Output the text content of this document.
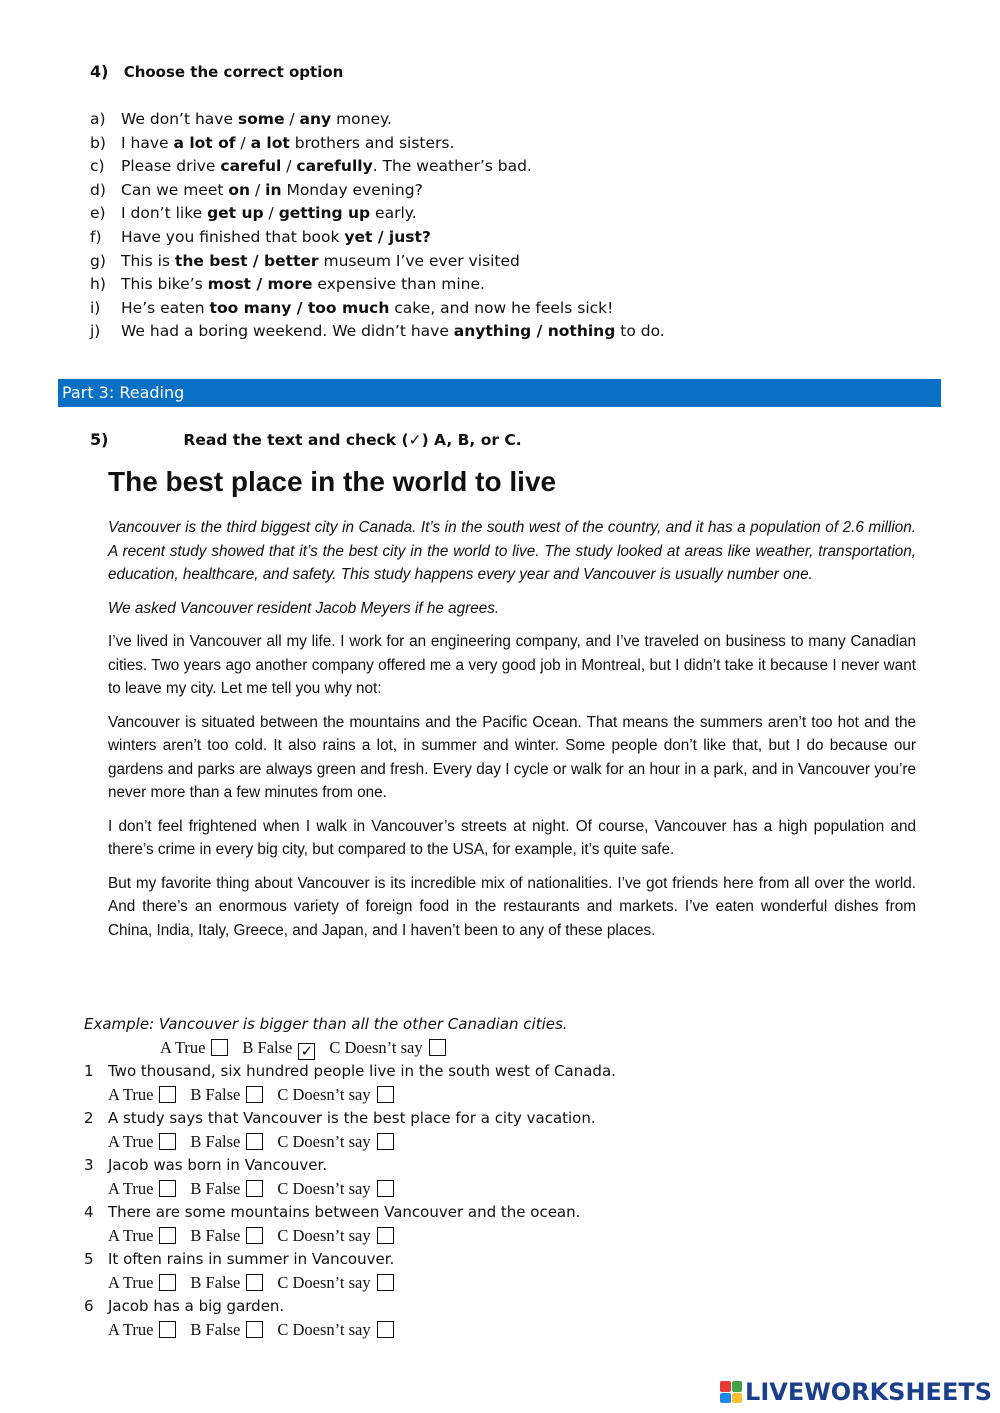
4) Choose the correct option
a) We don’t have some / any money.
b) I have a lot of / a lot brothers and sisters.
c) Please drive careful / carefully. The weather’s bad.
d) Can we meet on / in Monday evening?
e) I don’t like get up / getting up early.
f) Have you finished that book yet / just?
g) This is the best / better museum I’ve ever visited
h) This bike’s most / more expensive than mine.
i) He’s eaten too many / too much cake, and now he feels sick!
j) We had a boring weekend. We didn’t have anything / nothing to do.
Part 3: Reading
5)	Read the text and check (✓) A, B, or C.
The best place in the world to live

Vancouver is the third biggest city in Canada. It’s in the south west of the country, and it has a population of 2.6 million. A recent study showed that it’s the best city in the world to live. The study looked at areas like weather, transportation, education, healthcare, and safety. This study happens every year and Vancouver is usually number one.

We asked Vancouver resident Jacob Meyers if he agrees.

I’ve lived in Vancouver all my life. I work for an engineering company, and I’ve traveled on business to many Canadian cities. Two years ago another company offered me a very good job in Montreal, but I didn’t take it because I never want to leave my city. Let me tell you why not:

Vancouver is situated between the mountains and the Pacific Ocean. That means the summers aren’t too hot and the winters aren’t too cold. It also rains a lot, in summer and winter. Some people don’t like that, but I do because our gardens and parks are always green and fresh. Every day I cycle or walk for an hour in a park, and in Vancouver you’re never more than a few minutes from one.

I don’t feel frightened when I walk in Vancouver’s streets at night. Of course, Vancouver has a high population and there’s crime in every big city, but compared to the USA, for example, it’s quite safe.

But my favorite thing about Vancouver is its incredible mix of nationalities. I’ve got friends here from all over the world. And there’s an enormous variety of foreign food in the restaurants and markets. I’ve eaten wonderful dishes from China, India, Italy, Greece, and Japan, and I haven’t been to any of these places.

Example: Vancouver is bigger than all the other Canadian cities.
A True B False ✓ C Doesn’t say
1 Two thousand, six hundred people live in the south west of Canada.
A True B False C Doesn’t say
2 A study says that Vancouver is the best place for a city vacation.
A True B False C Doesn’t say
3 Jacob was born in Vancouver.
A True B False C Doesn’t say
4 There are some mountains between Vancouver and the ocean.
A True B False C Doesn’t say
5 It often rains in summer in Vancouver.
A True B False C Doesn’t say
6 Jacob has a big garden.
A True B False C Doesn’t say
LIVEWORKSHEETS
